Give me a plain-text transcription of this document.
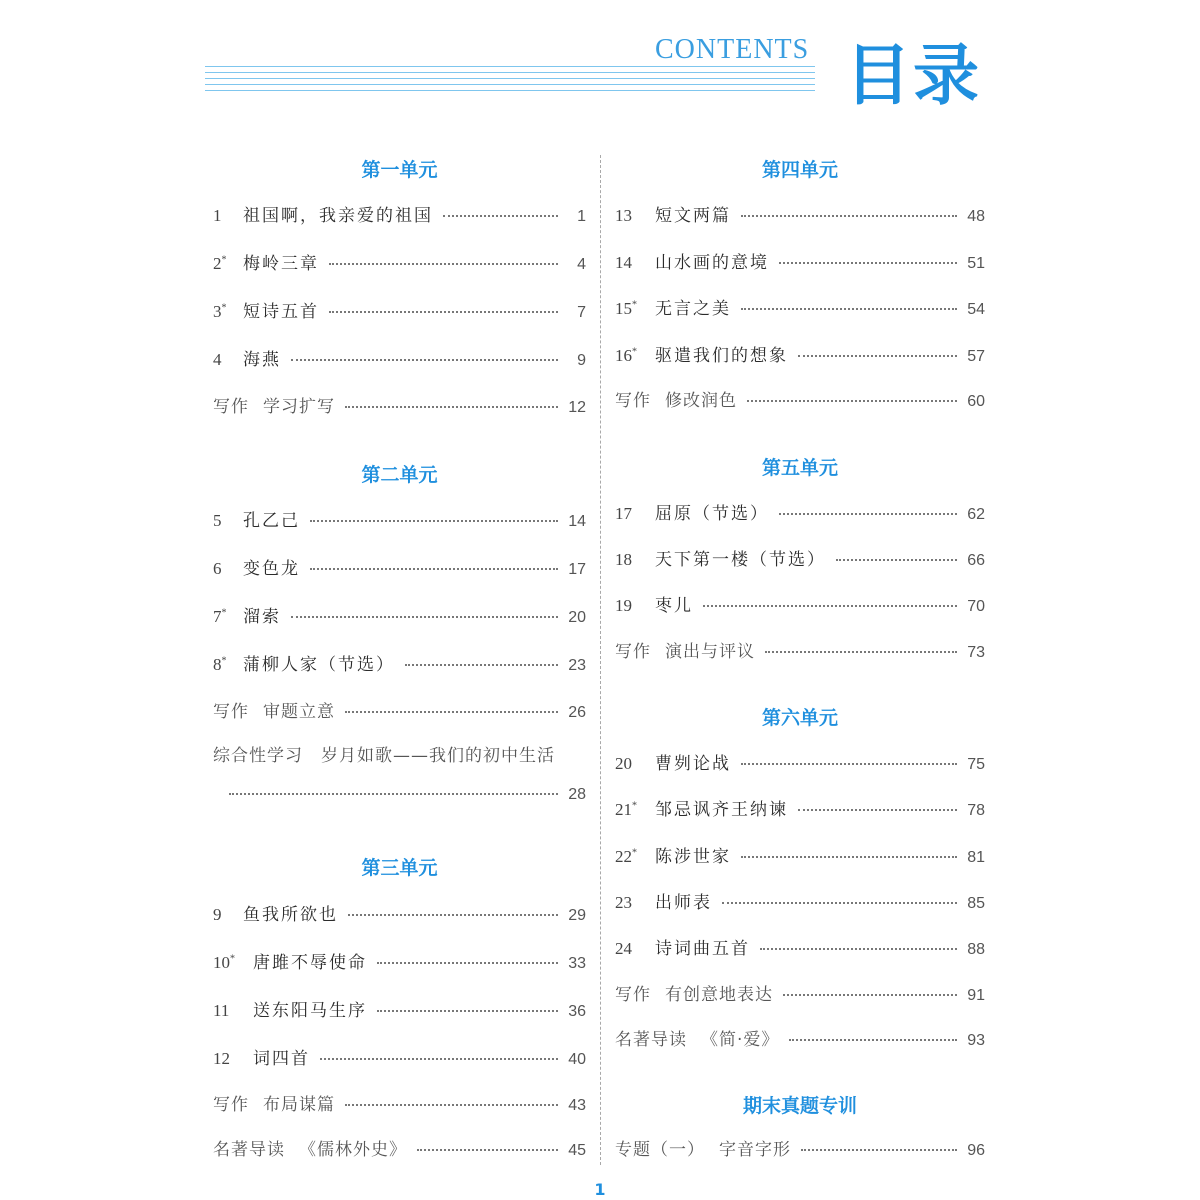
CONTENTS 目录
第一单元
1	祖国啊，我亲爱的祖国	1
2* 梅岭三章	4
3* 短诗五首	7
4	海燕	9
写作 学习扩写	12
第二单元
5	孔乙己	14
6	变色龙	17
7* 溜索	20
8* 蒲柳人家（节选）	23
写作 审题立意	26
综合性学习　岁月如歌——我们的初中生活
28
第三单元
9	鱼我所欲也	29
10*	唐雎不辱使命	33
11	送东阳马生序	36
12	词四首	40
写作 布局谋篇	43
名著导读 《儒林外史》	45
第四单元
13	短文两篇	48
14	山水画的意境	51
15*	无言之美	54
16*	驱遣我们的想象	57
写作 修改润色	60
第五单元
17	屈原（节选）	62
18	天下第一楼（节选）	66
19	枣儿	70
写作 演出与评议	73
第六单元
20	曹刿论战	75
21*	邹忌讽齐王纳谏	78
22*	陈涉世家	81
23	出师表	85
24	诗词曲五首	88
写作 有创意地表达	91
名著导读 《简·爱》	93
期末真题专训
专题（一） 字音字形	96
1
